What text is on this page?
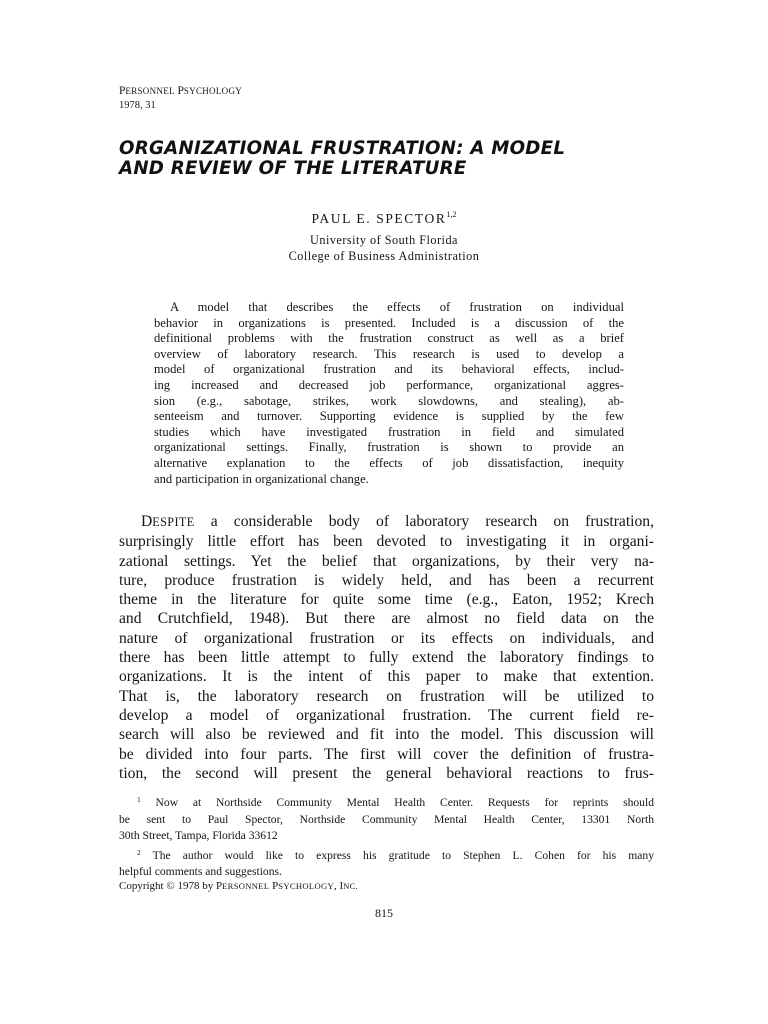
PERSONNEL PSYCHOLOGY
1978, 31
ORGANIZATIONAL FRUSTRATION: A MODEL
AND REVIEW OF THE LITERATURE
PAUL E. SPECTOR$^{1,2}$
University of South Florida
College of Business Administration
A model that describes the effects of frustration on individual
behavior in organizations is presented. Included is a discussion of the
definitional problems with the frustration construct as well as a brief
overview of laboratory research. This research is used to develop a
model of organizational frustration and its behavioral effects, includ-
ing increased and decreased job performance, organizational aggres-
sion (e.g., sabotage, strikes, work slowdowns, and stealing), ab-
senteeism and turnover. Supporting evidence is supplied by the few
studies which have investigated frustration in field and simulated
organizational settings. Finally, frustration is shown to provide an
alternative explanation to the effects of job dissatisfaction, inequity
and participation in organizational change.
DESPITE a considerable body of laboratory research on frustration,
surprisingly little effort has been devoted to investigating it in organi-
zational settings. Yet the belief that organizations, by their very na-
ture, produce frustration is widely held, and has been a recurrent
theme in the literature for quite some time (e.g., Eaton, 1952; Krech
and Crutchfield, 1948). But there are almost no field data on the
nature of organizational frustration or its effects on individuals, and
there has been little attempt to fully extend the laboratory findings to
organizations. It is the intent of this paper to make that extention.
That is, the laboratory research on frustration will be utilized to
develop a model of organizational frustration. The current field re-
search will also be reviewed and fit into the model. This discussion will
be divided into four parts. The first will cover the definition of frustra-
tion, the second will present the general behavioral reactions to frus-
$^1$ Now at Northside Community Mental Health Center. Requests for reprints should
be sent to Paul Spector, Northside Community Mental Health Center, 13301 North
30th Street, Tampa, Florida 33612
$^2$ The author would like to express his gratitude to Stephen L. Cohen for his many
helpful comments and suggestions.
Copyright © 1978 by PERSONNEL PSYCHOLOGY, INC.
815
